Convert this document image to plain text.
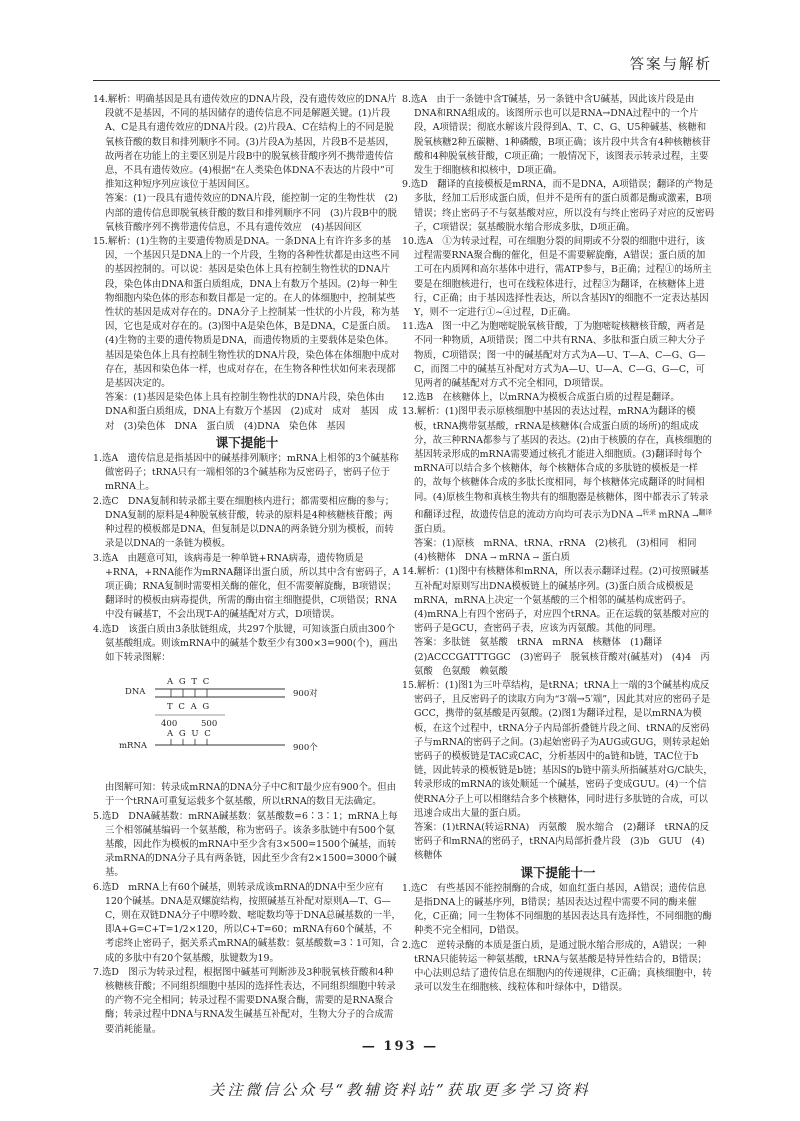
答案与解析

14.解析：明确基因是具有遗传效应的DNA片段，没有遗传效应的DNA片段就不是基因，不同的基因储存的遗传信息不同是解题关键。(1)片段A、C是具有遗传效应的DNA片段。(2)片段A、C在结构上的不同是脱氧核苷酸的数目和排列顺序不同。(3)片段A为基因，片段B不是基因，故两者在功能上的主要区别是片段B中的脱氧核苷酸序列不携带遗传信息，不具有遗传效应。(4)根据“在人类染色体DNA不表达的片段中”可推知这种短序列应该位于基因间区。

答案：(1)一段具有遗传效应的DNA片段，能控制一定的生物性状　(2)内部的遗传信息即脱氧核苷酸的数目和排列顺序不同　(3)片段B中的脱氧核苷酸序列不携带遗传信息，不具有遗传效应　(4)基因间区

15.解析：(1)生物的主要遗传物质是DNA。一条DNA上有许许多多的基因，一个基因只是DNA上的一个片段，生物的各种性状都是由这些不同的基因控制的。可以说：基因是染色体上具有控制生物性状的DNA片段，染色体由DNA和蛋白质组成，DNA上有数万个基因。(2)每一种生物细胞内染色体的形态和数目都是一定的。在人的体细胞中，控制某些性状的基因是成对存在的。DNA分子上控制某一性状的小片段，称为基因，它也是成对存在的。(3)图中A是染色体，B是DNA，C是蛋白质。(4)生物的主要的遗传物质是DNA，而遗传物质的主要载体是染色体。基因是染色体上具有控制生物性状的DNA片段，染色体在体细胞中成对存在，基因和染色体一样，也成对存在，在生物各种性状如何来表现都是基因决定的。

答案：(1)基因是染色体上具有控制生物性状的DNA片段，染色体由DNA和蛋白质组成，DNA上有数万个基因　(2)成对　成对　基因　成对　(3)染色体　DNA　蛋白质　(4)DNA　染色体　基因

课下提能十

1.选A　遗传信息是指基因中的碱基排列顺序；mRNA上相邻的3个碱基称做密码子；tRNA只有一端相邻的3个碱基称为反密码子，密码子位于mRNA上。

2.选C　DNA复制和转录都主要在细胞核内进行；都需要相应酶的参与；DNA复制的原料是4种脱氧核苷酸，转录的原料是4种核糖核苷酸；两种过程的模板都是DNA，但复制是以DNA的两条链分别为模板，而转录是以DNA的一条链为模板。

3.选A　由题意可知，该病毒是一种单链+RNA病毒，遗传物质是+RNA，+RNA能作为mRNA翻译出蛋白质，所以其中含有密码子，A项正确；RNA复制时需要相关酶的催化，但不需要解旋酶，B项错误；翻译时的模板由病毒提供，所需的酶由宿主细胞提供，C项错误；RNA中没有碱基T，不会出现T-A的碱基配对方式，D项错误。

4.选D　该蛋白质由3条肽链组成，共297个肽键，可知该蛋白质由300个氨基酸组成。则该mRNA中的碱基个数至少有300×3=900(个)，画出如下转录图解：

DNA
A G T C
T C A G
900对
400	500
mRNA
A G U C
900个

由图解可知：转录成mRNA的DNA分子中C和T最少应有900个。但由于一个tRNA可重复运载多个氨基酸，所以tRNA的数目无法确定。

5.选D　DNA碱基数：mRNA碱基数：氨基酸数=6∶3∶1；mRNA上每三个相邻碱基编码一个氨基酸，称为密码子。该条多肽链中有500个氨基酸，因此作为模板的mRNA中至少含有3×500=1500个碱基，而转录mRNA的DNA分子具有两条链，因此至少含有2×1500=3000个碱基。

6.选D　mRNA上有60个碱基，则转录成该mRNA的DNA中至少应有120个碱基。DNA是双螺旋结构，按照碱基互补配对原则A—T、G—C，则在双链DNA分子中嘌呤数、嘧啶数均等于DNA总碱基数的一半，即A+G=C+T=1/2×120，所以C+T=60；mRNA有60个碱基，不考虑终止密码子，据关系式mRNA的碱基数：氨基酸数=3∶1可知，合成的多肽中有20个氨基酸，肽键数为19。

7.选D　图示为转录过程，根据图中碱基可判断涉及3种脱氧核苷酸和4种核糖核苷酸；不同组织细胞中基因的选择性表达，不同组织细胞中转录的产物不完全相同；转录过程不需要DNA聚合酶，需要的是RNA聚合酶；转录过程中DNA与RNA发生碱基互补配对，生物大分子的合成需要消耗能量。

8.选A　由于一条链中含T碱基，另一条链中含U碱基，因此该片段是由DNA和RNA组成的。该图所示也可以是RNA→DNA过程中的一个片段，A项错误；彻底水解该片段得到A、T、C、G、U5种碱基、核糖和脱氧核糖2种五碳糖、1种磷酸，B项正确；该片段中共含有4种核糖核苷酸和4种脱氧核苷酸，C项正确；一般情况下，该图表示转录过程，主要发生于细胞核和拟核中，D项正确。

9.选D　翻译的直接模板是mRNA，而不是DNA，A项错误；翻译的产物是多肽，经加工后形成蛋白质，但并不是所有的蛋白质都是酶或激素，B项错误；终止密码子不与氨基酸对应，所以没有与终止密码子对应的反密码子，C项错误；氨基酸脱水缩合形成多肽，D项正确。

10.选A　①为转录过程，可在细胞分裂的间期或不分裂的细胞中进行，该过程需要RNA聚合酶的催化，但是不需要解旋酶，A错误；蛋白质的加工可在内质网和高尔基体中进行，需ATP参与，B正确；过程①的场所主要是在细胞核进行，也可在线粒体进行，过程③为翻译，在核糖体上进行，C正确；由于基因选择性表达，所以含基因Y的细胞不一定表达基因Y，则不一定进行①~④过程，D正确。

11.选A　图一中乙为胞嘧啶脱氧核苷酸，丁为胞嘧啶核糖核苷酸，两者是不同一种物质，A项错误；图二中共有RNA、多肽和蛋白质三种大分子物质，C项错误；图一中的碱基配对方式为A—U、T—A、C—G、G—C，而图二中的碱基互补配对方式为A—U、U—A、C—G、G—C，可见两者的碱基配对方式不完全相同，D项错误。

12.选B　在核糖体上，以mRNA为模板合成蛋白质的过程是翻译。

13.解析：(1)图甲表示原核细胞中基因的表达过程，mRNA为翻译的模板，tRNA携带氨基酸，rRNA是核糖体(合成蛋白质的场所)的组成成分，故三种RNA都参与了基因的表达。(2)由于核膜的存在，真核细胞的基因转录形成的mRNA需要通过核孔才能进入细胞质。(3)翻译时每个mRNA可以结合多个核糖体，每个核糖体合成的多肽链的模板是一样的，故每个核糖体合成的多肽长度相同，每个核糖体完成翻译的时间相同。(4)原核生物和真核生物共有的细胞器是核糖体，图中都表示了转录和翻译过程，故遗传信息的流动方向均可表示为DNA →$^{转录}$ mRNA →$^{翻译}$ 蛋白质。

答案：(1)原核　mRNA、tRNA、rRNA　(2)核孔　(3)相同　相同　(4)核糖体　DNA → mRNA → 蛋白质

14.解析：(1)图中有核糖体和mRNA，所以表示翻译过程。(2)可按照碱基互补配对原则写出DNA模板链上的碱基序列。(3)蛋白质合成模板是mRNA，mRNA上决定一个氨基酸的三个相邻的碱基构成密码子。(4)mRNA上有四个密码子，对应四个tRNA。正在运载的氨基酸对应的密码子是GCU，查密码子表，应该为丙氨酸。其他的同理。

答案：多肽链　氨基酸　tRNA　mRNA　核糖体　(1)翻译　(2)ACCCGATTTGGC　(3)密码子　脱氧核苷酸对(碱基对)　(4)4　丙氨酸　色氨酸　赖氨酸

15.解析：(1)图1为三叶草结构，是tRNA；tRNA上一端的3个碱基构成反密码子，且反密码子的读取方向为“3′端→5′端”，因此其对应的密码子是GCC，携带的氨基酸是丙氨酸。(2)图1为翻译过程，是以mRNA为模板，在这个过程中，tRNA分子内局部折叠链片段之间、tRNA的反密码子与mRNA的密码子之间。(3)起始密码子为AUG或GUG，则转录起始密码子的模板链是TAC或CAC，分析基因中的a链和b链，TAC位于b链，因此转录的模板链是b链；基因S的b链中箭头所指碱基对G/C缺失，转录形成的mRNA的该处顺延一个碱基，密码子变成GUU。(4)一个信使RNA分子上可以相继结合多个核糖体，同时进行多肽链的合成，可以迅速合成出大量的蛋白质。

答案：(1)tRNA(转运RNA)　丙氨酸　脱水缩合　(2)翻译　tRNA的反密码子和mRNA的密码子，tRNA内局部折叠片段　(3)b　GUU　(4)核糖体

课下提能十一

1.选C　有些基因不能控制酶的合成，如血红蛋白基因，A错误；遗传信息是指DNA上的碱基序列，B错误；基因表达过程中需要不同的酶来催化，C正确；同一生物体不同细胞的基因表达具有选择性，不同细胞的酶种类不完全相同，D错误。

2.选C　逆转录酶的本质是蛋白质，是通过脱水缩合形成的，A错误；一种tRNA只能转运一种氨基酸，tRNA与氨基酸是特异性结合的，B错误；中心法则总结了遗传信息在细胞内的传递规律，C正确；真核细胞中，转录可以发生在细胞核、线粒体和叶绿体中，D错误。

— 193 —
关注微信公众号“教辅资料站”获取更多学习资料
